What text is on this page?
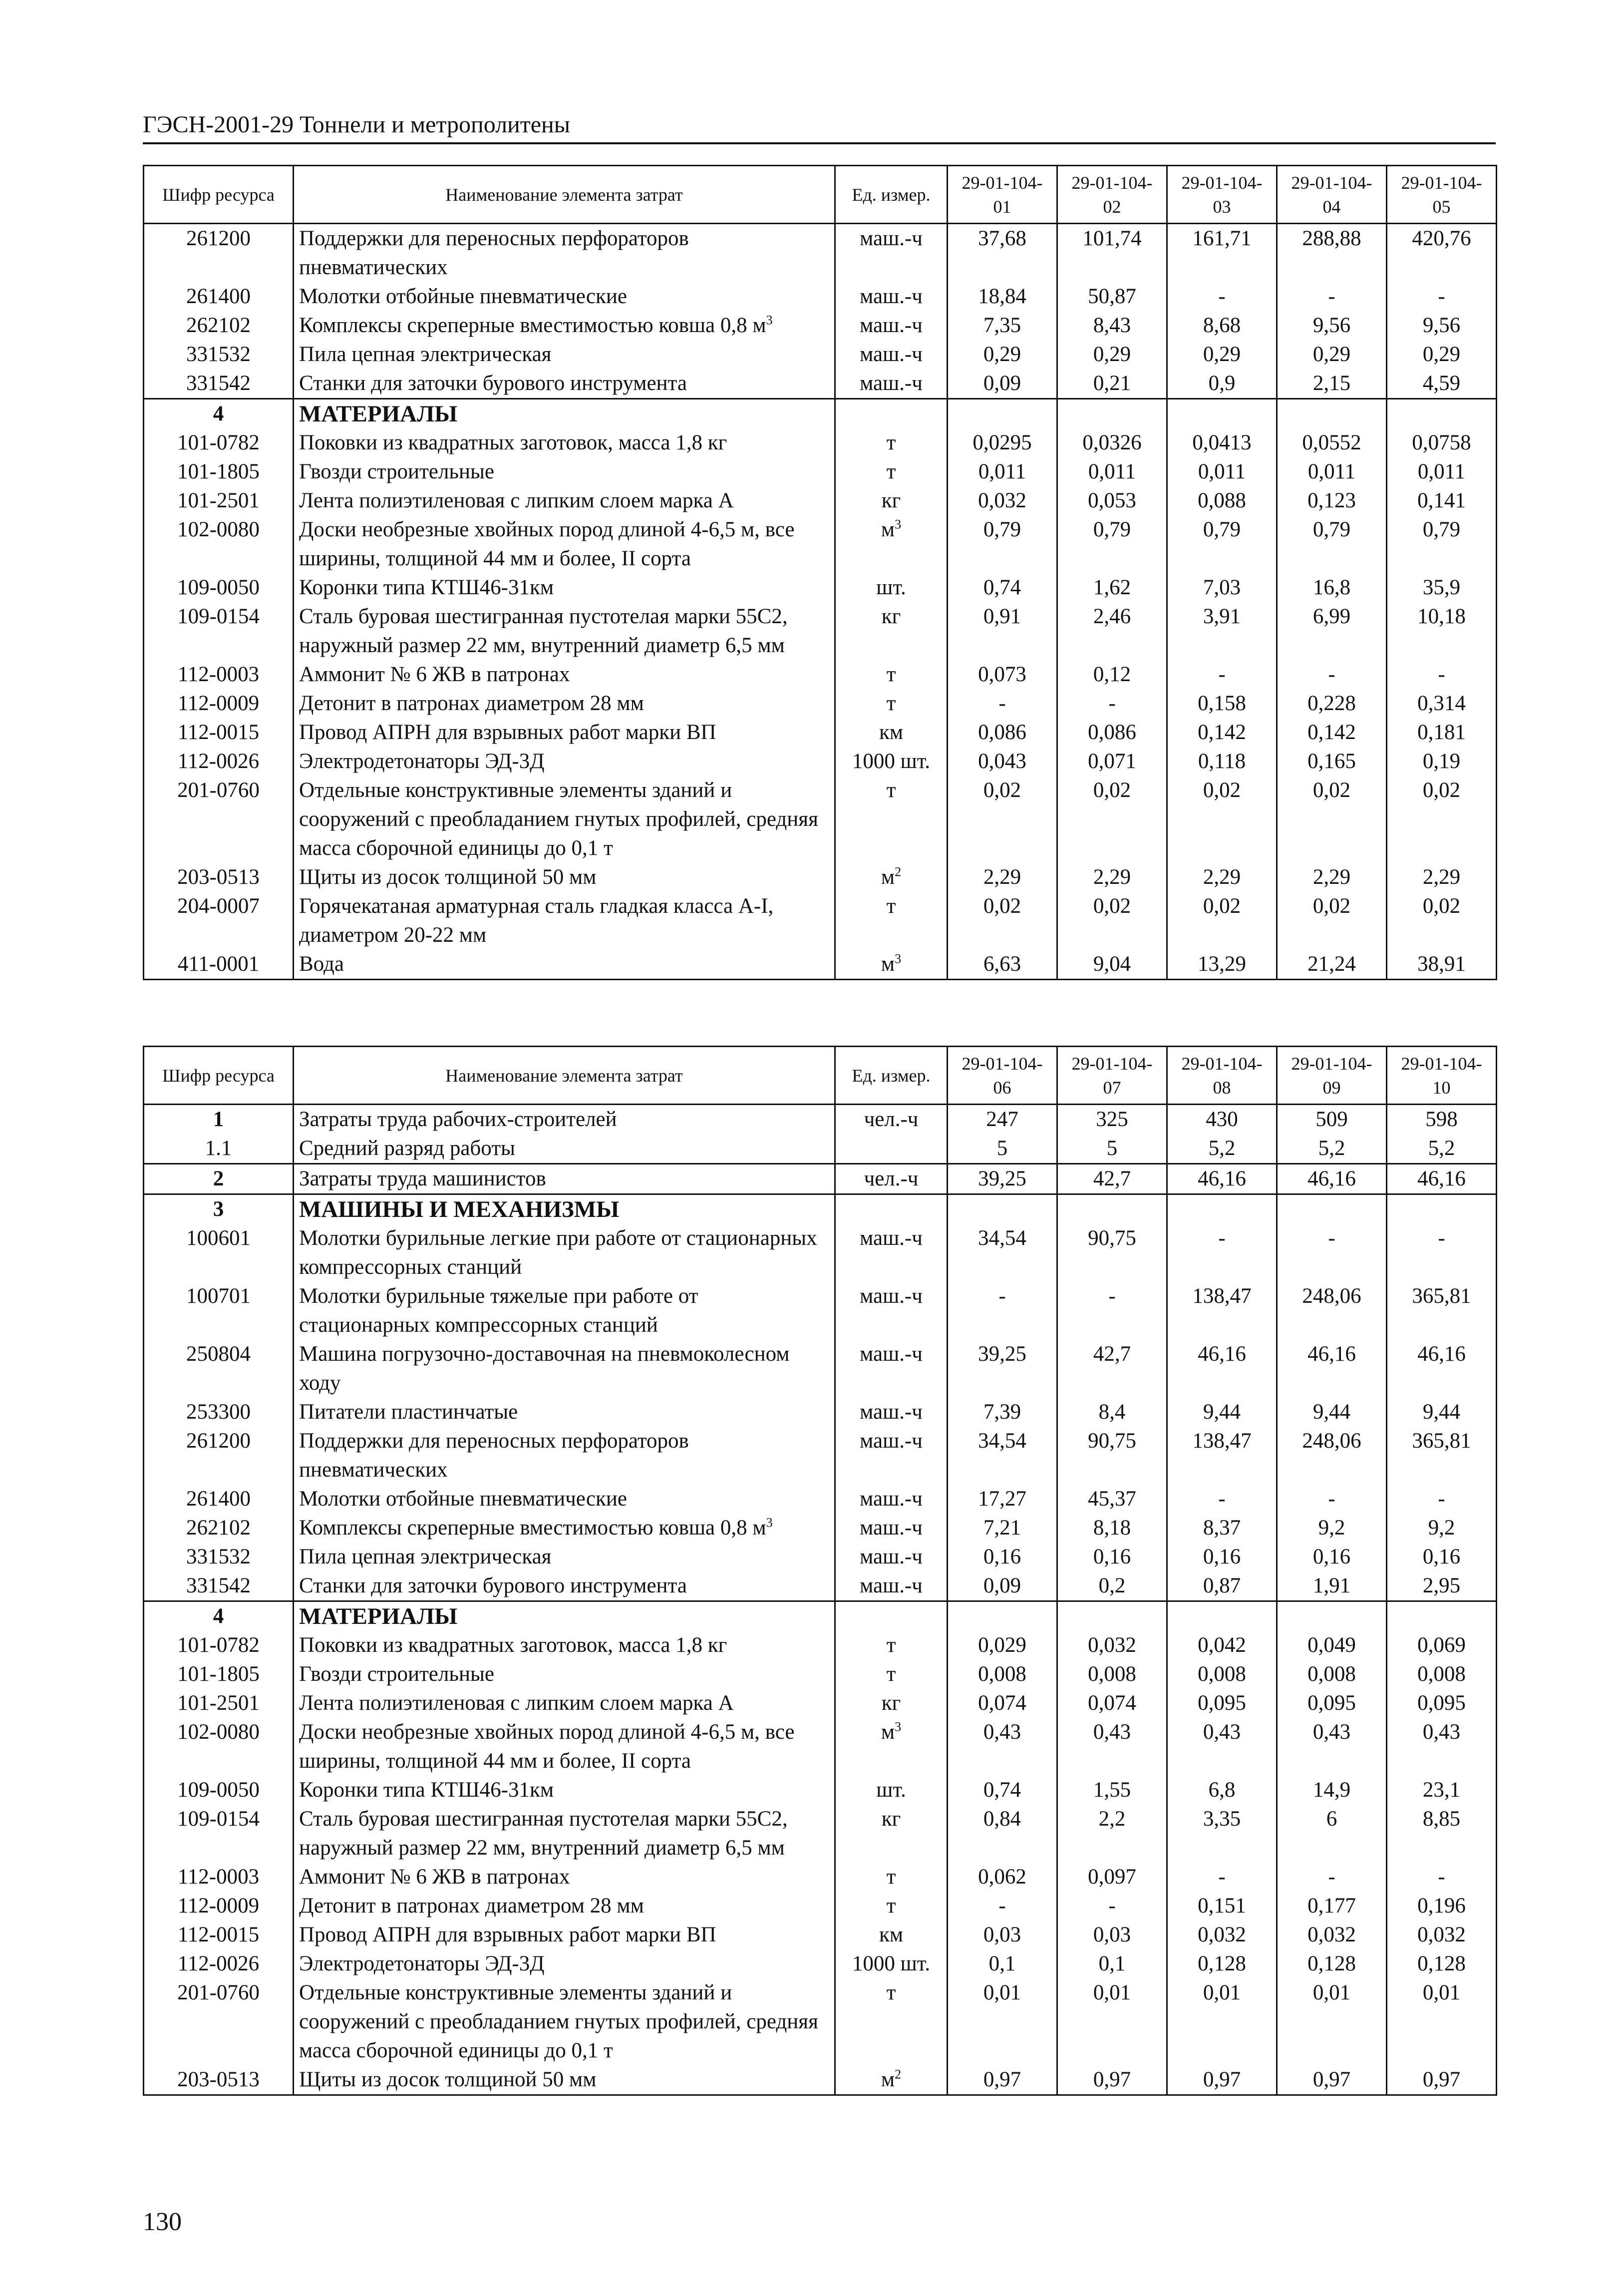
ГЭСН-2001-29 Тоннели и метрополитены
Шифр ресурса	Наименование элемента затрат	Ед. измер.	29-01-104-01	29-01-104-02	29-01-104-03	29-01-104-04	29-01-104-05
261200	Поддержки для переносных перфораторов пневматических	маш.-ч	37,68	101,74	161,71	288,88	420,76
261400	Молотки отбойные пневматические	маш.-ч	18,84	50,87	-	-	-
262102	Комплексы скреперные вместимостью ковша 0,8 $м^3$	маш.-ч	7,35	8,43	8,68	9,56	9,56
331532	Пила цепная электрическая	маш.-ч	0,29	0,29	0,29	0,29	0,29
331542	Станки для заточки бурового инструмента	маш.-ч	0,09	0,21	0,9	2,15	4,59
4	МАТЕРИАЛЫ						
101-0782	Поковки из квадратных заготовок, масса 1,8 кг	т	0,0295	0,0326	0,0413	0,0552	0,0758
101-1805	Гвозди строительные	т	0,011	0,011	0,011	0,011	0,011
101-2501	Лента полиэтиленовая с липким слоем марка А	кг	0,032	0,053	0,088	0,123	0,141
102-0080	Доски необрезные хвойных пород длиной 4-6,5 м, все ширины, толщиной 44 мм и более, II сорта	$м^3$	0,79	0,79	0,79	0,79	0,79
109-0050	Коронки типа КТШ46-31км	шт.	0,74	1,62	7,03	16,8	35,9
109-0154	Сталь буровая шестигранная пустотелая марки 55С2, наружный размер 22 мм, внутренний диаметр 6,5 мм	кг	0,91	2,46	3,91	6,99	10,18
112-0003	Аммонит № 6 ЖВ в патронах	т	0,073	0,12	-	-	-
112-0009	Детонит в патронах диаметром 28 мм	т	-	-	0,158	0,228	0,314
112-0015	Провод АПРН для взрывных работ марки ВП	км	0,086	0,086	0,142	0,142	0,181
112-0026	Электродетонаторы ЭД-3Д	1000 шт.	0,043	0,071	0,118	0,165	0,19
201-0760	Отдельные конструктивные элементы зданий и сооружений с преобладанием гнутых профилей, средняя масса сборочной единицы до 0,1 т	т	0,02	0,02	0,02	0,02	0,02
203-0513	Щиты из досок толщиной 50 мм	$м^2$	2,29	2,29	2,29	2,29	2,29
204-0007	Горячекатаная арматурная сталь гладкая класса А-I, диаметром 20-22 мм	т	0,02	0,02	0,02	0,02	0,02
411-0001	Вода	$м^3$	6,63	9,04	13,29	21,24	38,91
Шифр ресурса	Наименование элемента затрат	Ед. измер.	29-01-104-06	29-01-104-07	29-01-104-08	29-01-104-09	29-01-104-10
1	Затраты труда рабочих-строителей	чел.-ч	247	325	430	509	598
1.1	Средний разряд работы		5	5	5,2	5,2	5,2
2	Затраты труда машинистов	чел.-ч	39,25	42,7	46,16	46,16	46,16
3	МАШИНЫ И МЕХАНИЗМЫ						
100601	Молотки бурильные легкие при работе от стационарных компрессорных станций	маш.-ч	34,54	90,75	-	-	-
100701	Молотки бурильные тяжелые при работе от стационарных компрессорных станций	маш.-ч	-	-	138,47	248,06	365,81
250804	Машина погрузочно-доставочная на пневмоколесном ходу	маш.-ч	39,25	42,7	46,16	46,16	46,16
253300	Питатели пластинчатые	маш.-ч	7,39	8,4	9,44	9,44	9,44
261200	Поддержки для переносных перфораторов пневматических	маш.-ч	34,54	90,75	138,47	248,06	365,81
261400	Молотки отбойные пневматические	маш.-ч	17,27	45,37	-	-	-
262102	Комплексы скреперные вместимостью ковша 0,8 $м^3$	маш.-ч	7,21	8,18	8,37	9,2	9,2
331532	Пила цепная электрическая	маш.-ч	0,16	0,16	0,16	0,16	0,16
331542	Станки для заточки бурового инструмента	маш.-ч	0,09	0,2	0,87	1,91	2,95
4	МАТЕРИАЛЫ						
101-0782	Поковки из квадратных заготовок, масса 1,8 кг	т	0,029	0,032	0,042	0,049	0,069
101-1805	Гвозди строительные	т	0,008	0,008	0,008	0,008	0,008
101-2501	Лента полиэтиленовая с липким слоем марка А	кг	0,074	0,074	0,095	0,095	0,095
102-0080	Доски необрезные хвойных пород длиной 4-6,5 м, все ширины, толщиной 44 мм и более, II сорта	$м^3$	0,43	0,43	0,43	0,43	0,43
109-0050	Коронки типа КТШ46-31км	шт.	0,74	1,55	6,8	14,9	23,1
109-0154	Сталь буровая шестигранная пустотелая марки 55С2, наружный размер 22 мм, внутренний диаметр 6,5 мм	кг	0,84	2,2	3,35	6	8,85
112-0003	Аммонит № 6 ЖВ в патронах	т	0,062	0,097	-	-	-
112-0009	Детонит в патронах диаметром 28 мм	т	-	-	0,151	0,177	0,196
112-0015	Провод АПРН для взрывных работ марки ВП	км	0,03	0,03	0,032	0,032	0,032
112-0026	Электродетонаторы ЭД-3Д	1000 шт.	0,1	0,1	0,128	0,128	0,128
201-0760	Отдельные конструктивные элементы зданий и сооружений с преобладанием гнутых профилей, средняя масса сборочной единицы до 0,1 т	т	0,01	0,01	0,01	0,01	0,01
203-0513	Щиты из досок толщиной 50 мм	$м^2$	0,97	0,97	0,97	0,97	0,97
130
